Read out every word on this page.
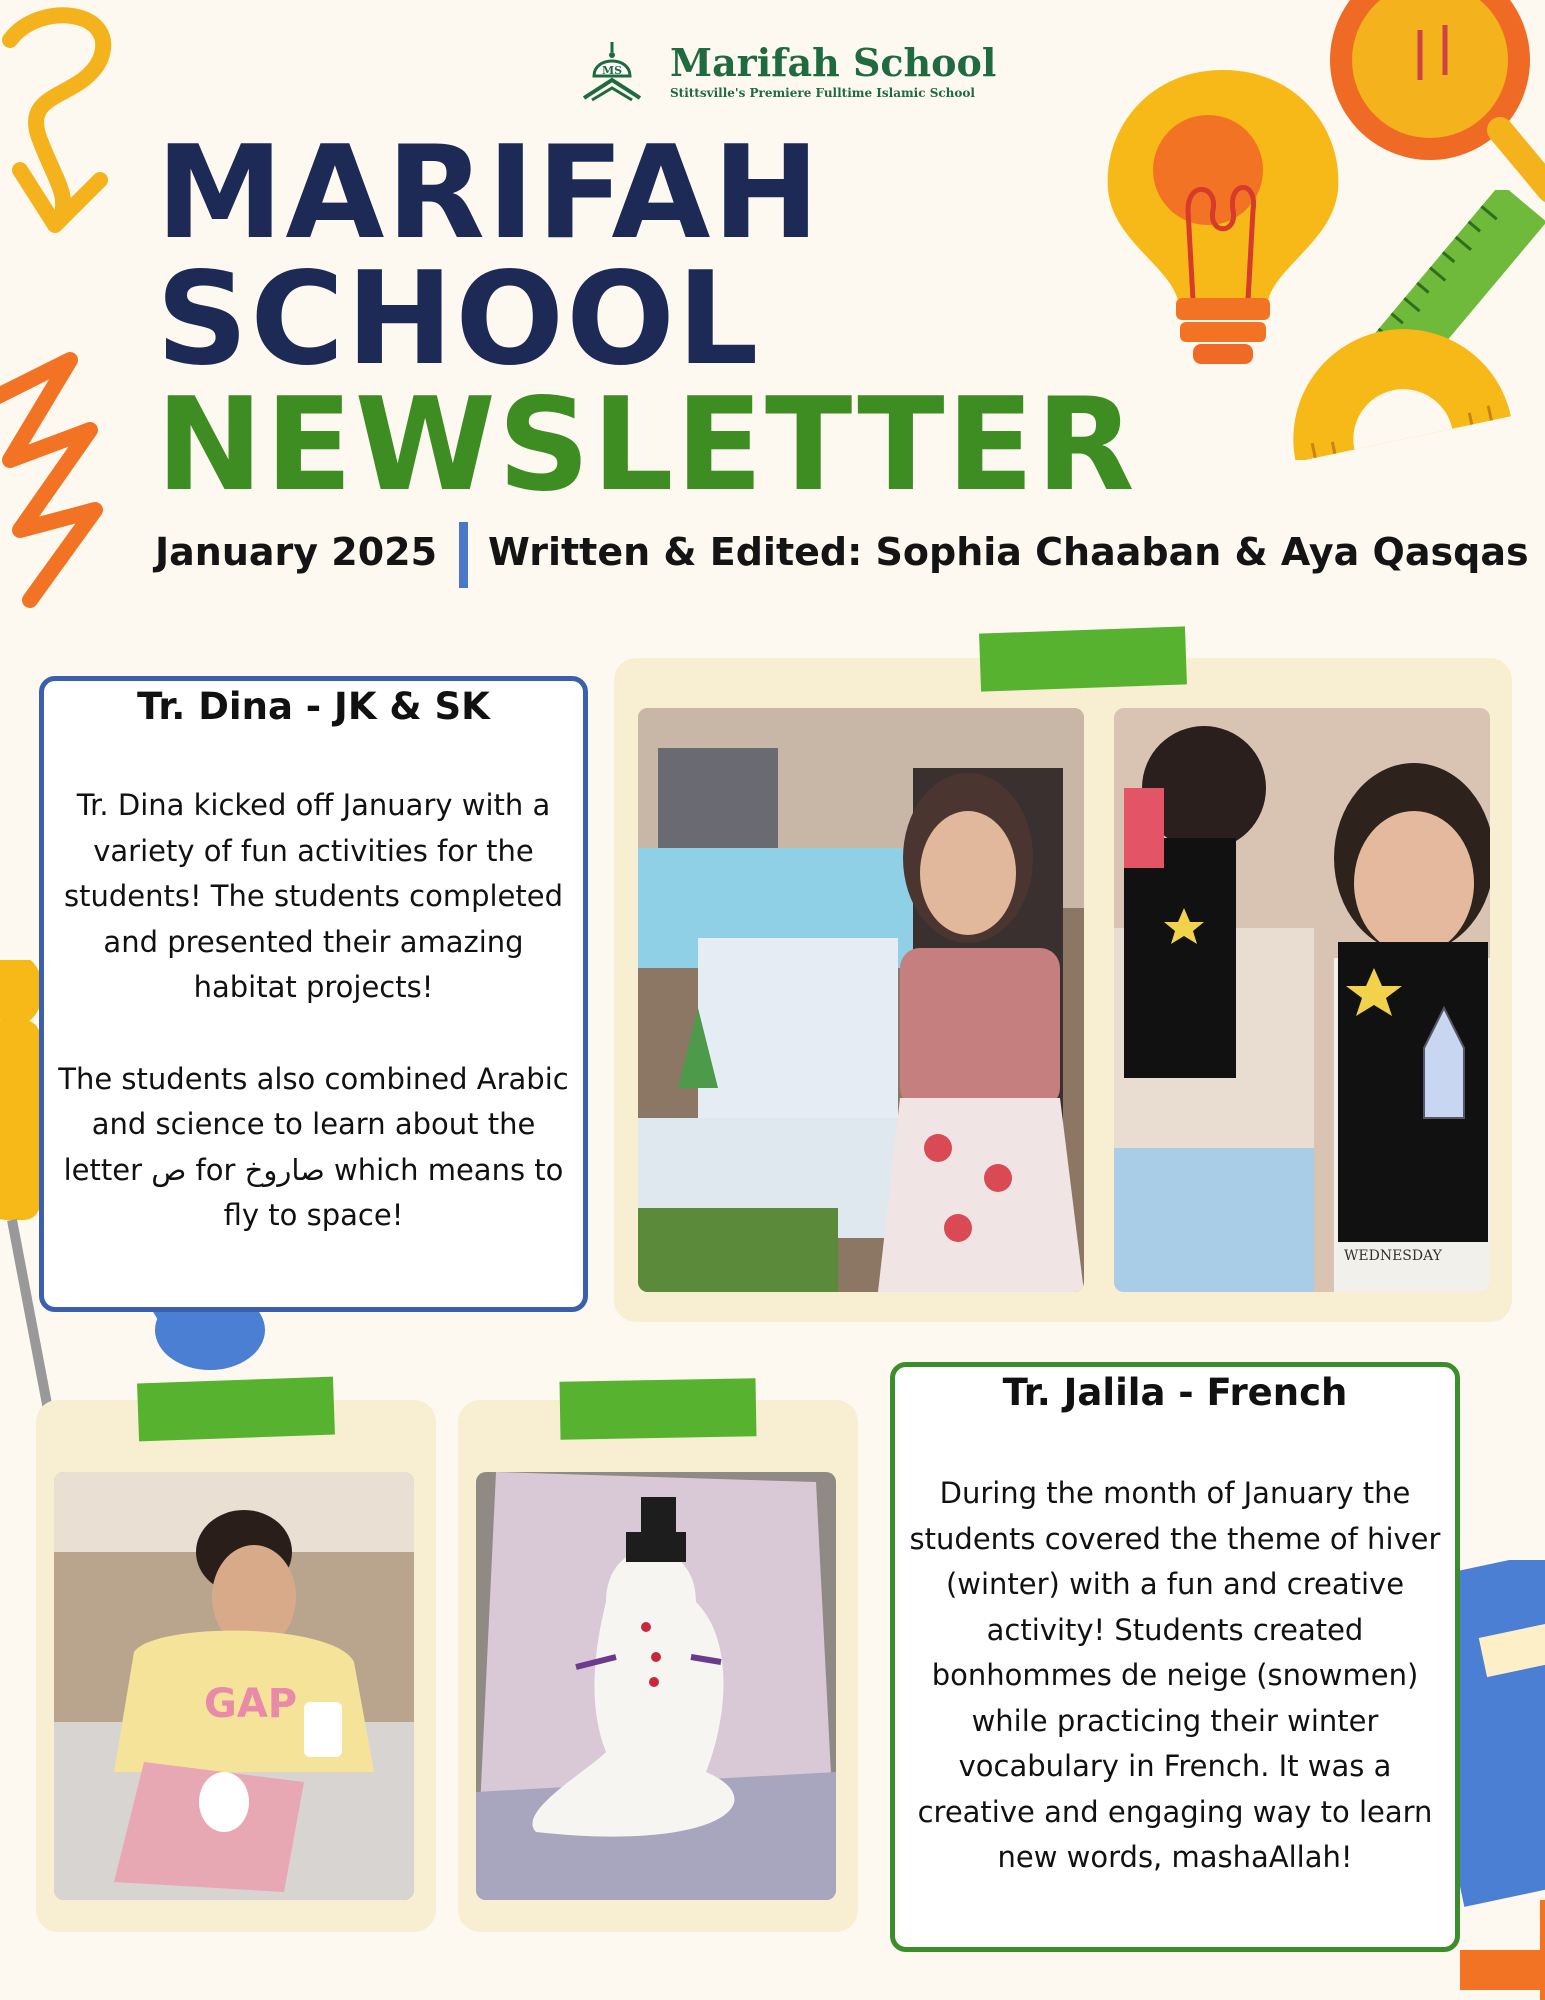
MS Marifah School
Stittsville's Premiere Fulltime Islamic School
MARIFAH
SCHOOL
NEWSLETTER
January 2025 Written & Edited: Sophia Chaaban & Aya Qasqas
Tr. Dina - JK & SK

Tr. Dina kicked off January with a variety of fun activities for the students! The students completed and presented their amazing habitat projects!

The students also combined Arabic and science to learn about the letter ص for صاروخ which means to fly to space!

WEDNESDAY
GAP
Tr. Jalila - French
During the month of January the students covered the theme of hiver (winter) with a fun and creative activity! Students created bonhommes de neige (snowmen) while practicing their winter vocabulary in French. It was a creative and engaging way to learn new words, mashaAllah!
